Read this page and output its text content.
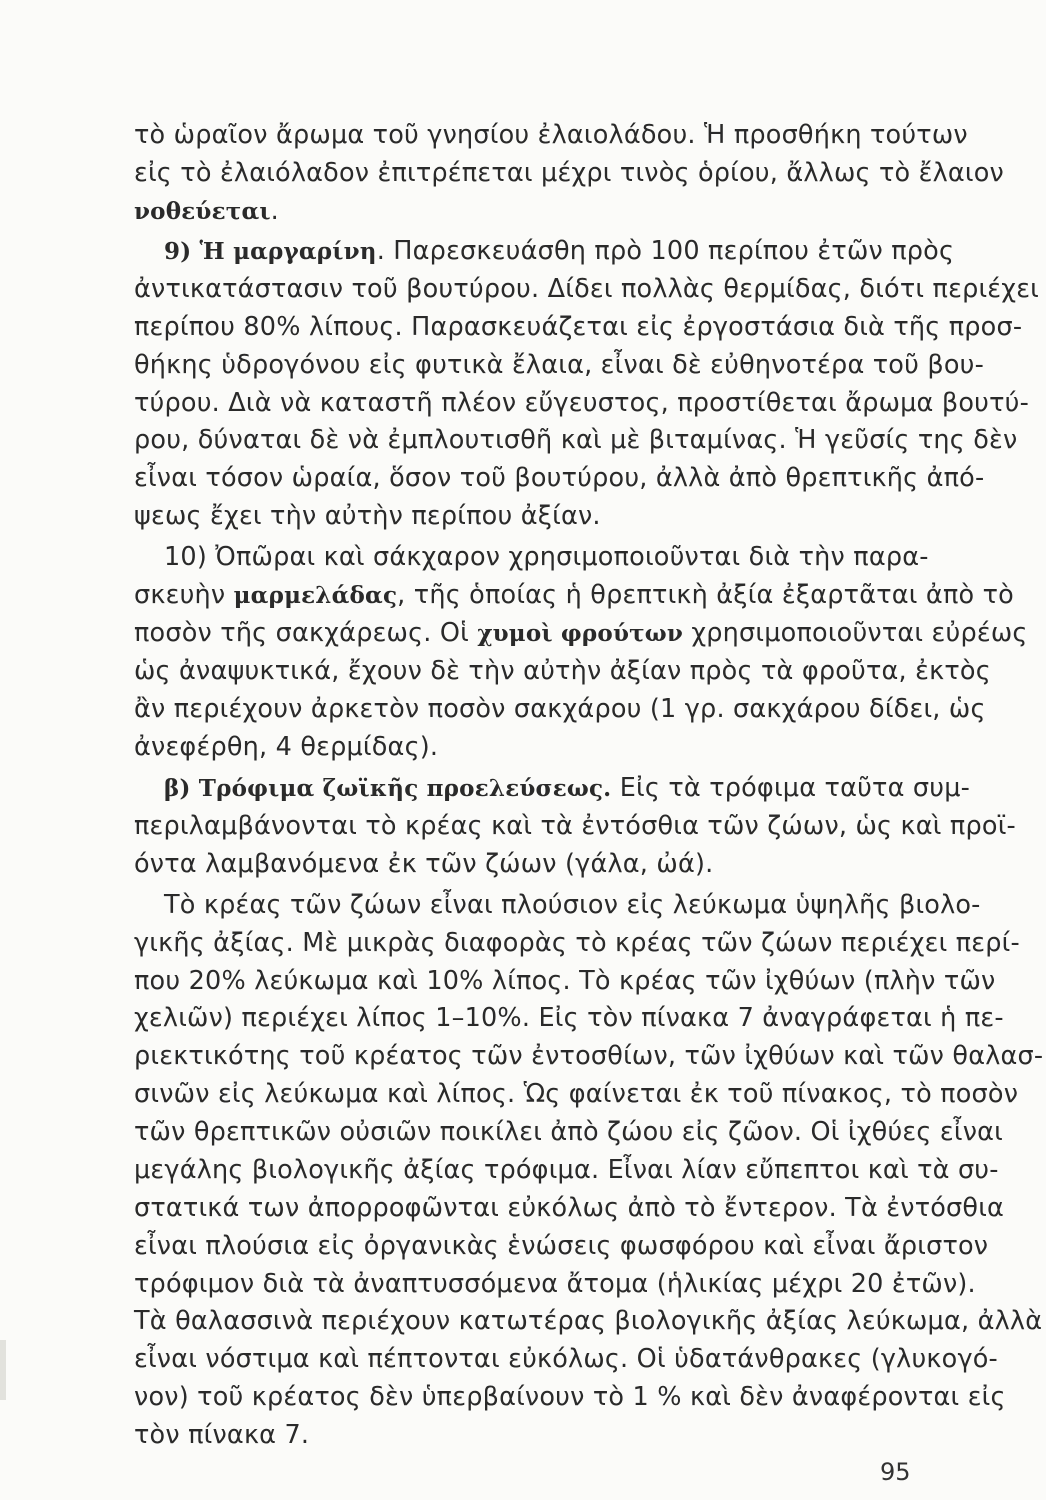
τὸ ὡραῖον ἄρωμα τοῦ γνησίου ἐλαιολάδου. Ἡ προσθήκη τούτων
εἰς τὸ ἐλαιόλαδον ἐπιτρέπεται μέχρι τινὸς ὁρίου, ἄλλως τὸ ἔλαιον
νοθεύεται.
9) Ἡ μαργαρίνη. Παρεσκευάσθη πρὸ 100 περίπου ἐτῶν πρὸς
ἀντικατάστασιν τοῦ βουτύρου. Δίδει πολλὰς θερμίδας, διότι περιέχει
περίπου 80% λίπους. Παρασκευάζεται εἰς ἐργοστάσια διὰ τῆς προσ-
θήκης ὑδρογόνου εἰς φυτικὰ ἔλαια, εἶναι δὲ εὐθηνοτέρα τοῦ βου-
τύρου. Διὰ νὰ καταστῆ πλέον εὔγευστος, προστίθεται ἄρωμα βουτύ-
ρου, δύναται δὲ νὰ ἐμπλουτισθῆ καὶ μὲ βιταμίνας. Ἡ γεῦσίς της δὲν
εἶναι τόσον ὡραία, ὅσον τοῦ βουτύρου, ἀλλὰ ἀπὸ θρεπτικῆς ἀπό-
ψεως ἔχει τὴν αὐτὴν περίπου ἀξίαν.
10) Ὀπῶραι καὶ σάκχαρον χρησιμοποιοῦνται διὰ τὴν παρα-
σκευὴν μαρμελάδας, τῆς ὁποίας ἡ θρεπτικὴ ἀξία ἐξαρτᾶται ἀπὸ τὸ
ποσὸν τῆς σακχάρεως. Οἱ χυμοὶ φρούτων χρησιμοποιοῦνται εὐρέως
ὡς ἀναψυκτικά, ἔχουν δὲ τὴν αὐτὴν ἀξίαν πρὸς τὰ φροῦτα, ἐκτὸς
ἂν περιέχουν ἀρκετὸν ποσὸν σακχάρου (1 γρ. σακχάρου δίδει, ὡς
ἀνεφέρθη, 4 θερμίδας).
β) Τρόφιμα ζωϊκῆς προελεύσεως. Εἰς τὰ τρόφιμα ταῦτα συμ-
περιλαμβάνονται τὸ κρέας καὶ τὰ ἐντόσθια τῶν ζώων, ὡς καὶ προϊ-
όντα λαμβανόμενα ἐκ τῶν ζώων (γάλα, ὠά).
Τὸ κρέας τῶν ζώων εἶναι πλούσιον εἰς λεύκωμα ὑψηλῆς βιολο-
γικῆς ἀξίας. Μὲ μικρὰς διαφορὰς τὸ κρέας τῶν ζώων περιέχει περί-
που 20% λεύκωμα καὶ 10% λίπος. Τὸ κρέας τῶν ἰχθύων (πλὴν τῶν
χελιῶν) περιέχει λίπος 1–10%. Εἰς τὸν πίνακα 7 ἀναγράφεται ἡ πε-
ριεκτικότης τοῦ κρέατος τῶν ἐντοσθίων, τῶν ἰχθύων καὶ τῶν θαλασ-
σινῶν εἰς λεύκωμα καὶ λίπος. Ὡς φαίνεται ἐκ τοῦ πίνακος, τὸ ποσὸν
τῶν θρεπτικῶν οὐσιῶν ποικίλει ἀπὸ ζώου εἰς ζῶον. Οἱ ἰχθύες εἶναι
μεγάλης βιολογικῆς ἀξίας τρόφιμα. Εἶναι λίαν εὔπεπτοι καὶ τὰ συ-
στατικά των ἀπορροφῶνται εὐκόλως ἀπὸ τὸ ἔντερον. Τὰ ἐντόσθια
εἶναι πλούσια εἰς ὀργανικὰς ἑνώσεις φωσφόρου καὶ εἶναι ἄριστον
τρόφιμον διὰ τὰ ἀναπτυσσόμενα ἄτομα (ἡλικίας μέχρι 20 ἐτῶν).
Τὰ θαλασσινὰ περιέχουν κατωτέρας βιολογικῆς ἀξίας λεύκωμα, ἀλλὰ
εἶναι νόστιμα καὶ πέπτονται εὐκόλως. Οἱ ὑδατάνθρακες (γλυκογό-
νον) τοῦ κρέατος δὲν ὑπερβαίνουν τὸ 1 % καὶ δὲν ἀναφέρονται εἰς
τὸν πίνακα 7.
95
